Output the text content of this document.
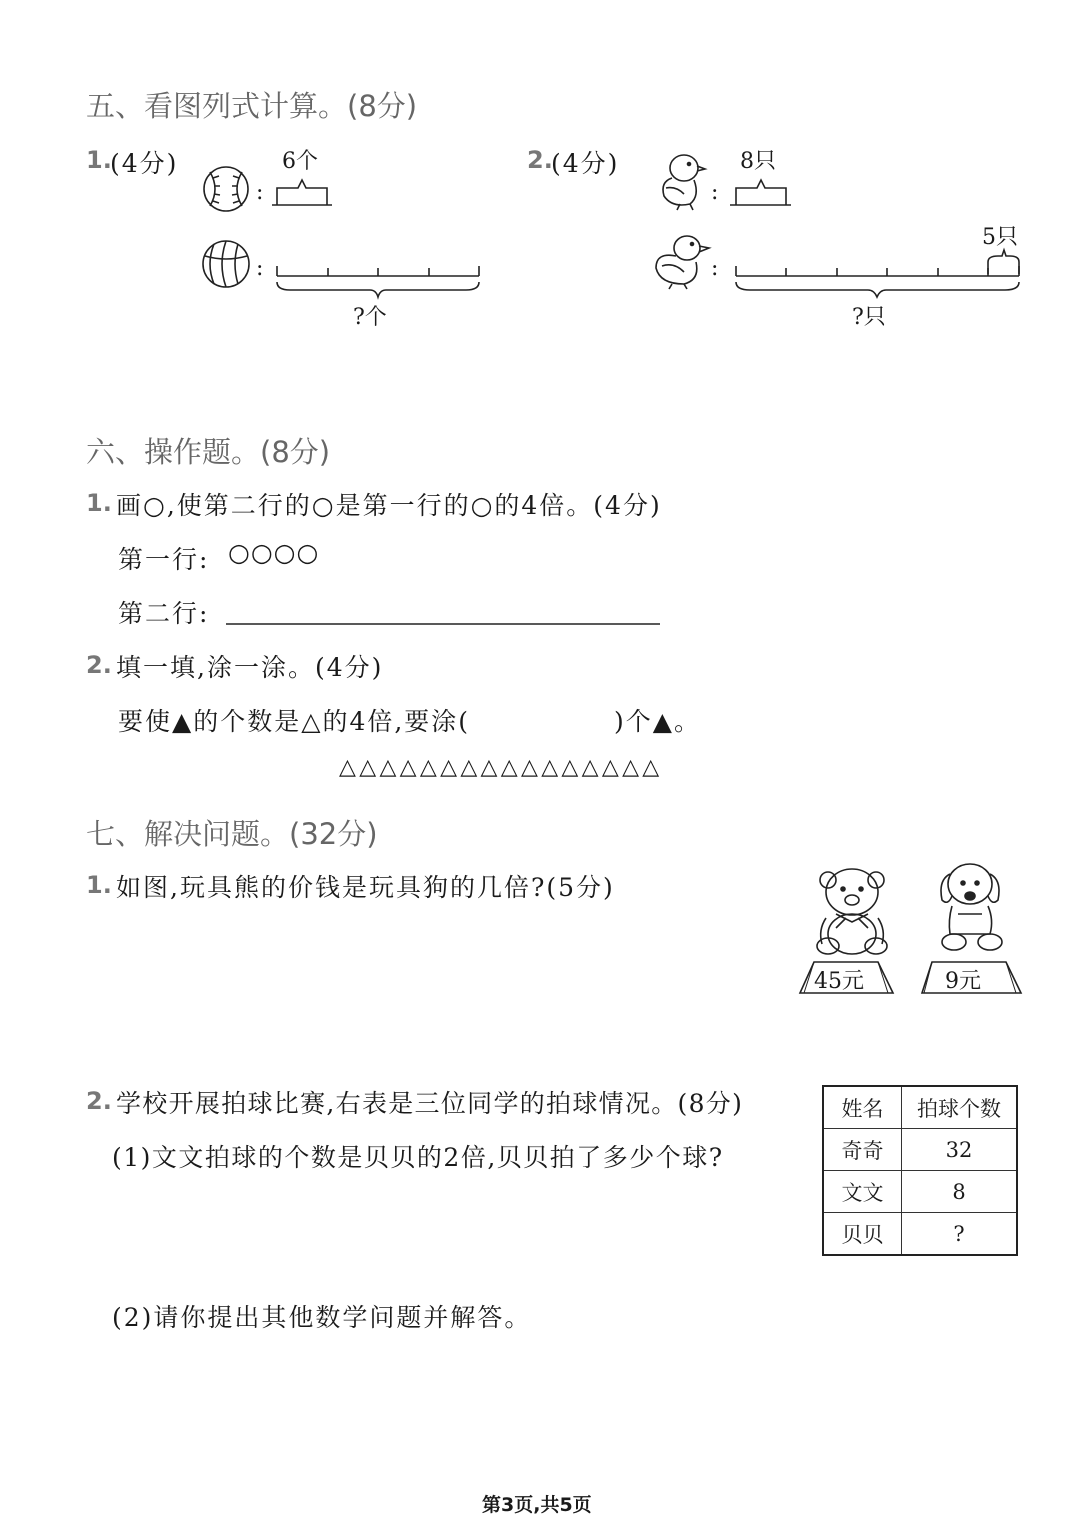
五、看图列式计算。(8分)
1.
(4分)	2.
(4分)
6个
:
:
?个
8只
:
:
5只
?只
六、操作题。(8分)
1. 画○,使第二行的○是第一行的○的4倍。(4分)
第一行: ○○○○
第二行:
2. 填一填,涂一涂。(4分)
要使▲的个数是△的4倍,要涂(	)个▲。
△△△△△△△△△△△△△△△△
七、解决问题。(32分)
1. 如图,玩具熊的价钱是玩具狗的几倍?(5分)
45元	9元
2. 学校开展拍球比赛,右表是三位同学的拍球情况。(8分)
(1)文文拍球的个数是贝贝的2倍,贝贝拍了多少个球?
(2)请你提出其他数学问题并解答。
姓名	拍球个数
奇奇	32
文文	8
贝贝	?
第3页,共5页
